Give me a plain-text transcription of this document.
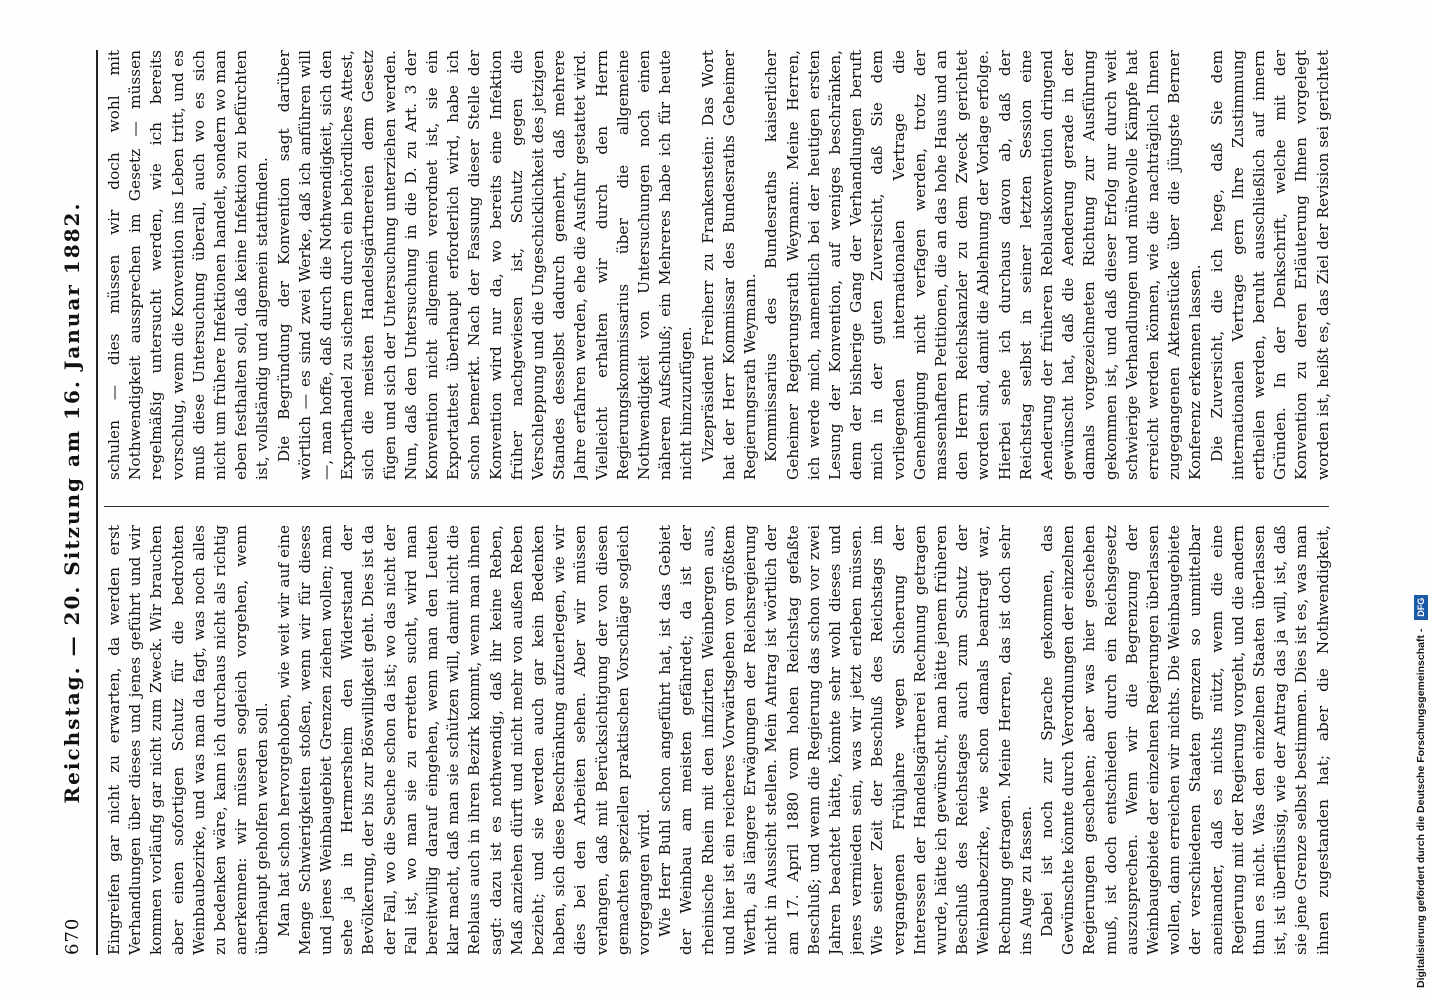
670
Reichstag. — 20. Sitzung am 16. Januar 1882. Eingreifen gar nicht zu erwarten, da werden erst Verhandlungen über dieses und jenes geführt und wir kommen vorläufig gar nicht zum Zweck. Wir brauchen aber einen sofortigen Schutz für die bedrohten Weinbaubezirke, und was man da fagt, was noch alles zu bedenken wäre, kann ich durchaus nicht als richtig anerkennen: wir müssen sogleich vorgehen, wenn überhaupt geholfen werden soll. Man hat schon hervorgehoben, wie weit wir auf eine Menge Schwierigkeiten stoßen, wenn wir für dieses und jenes Weinbaugebiet Grenzen ziehen wollen; man sehe ja in Hermersheim den Widerstand der Bevölkerung, der bis zur Böswilligkeit geht. Dies ist da der Fall, wo die Seuche schon da ist; wo das nicht der Fall ist, wo man sie zu erretten sucht, wird man bereitwillig darauf eingehen, wenn man den Leuten klar macht, daß man sie schützen will, damit nicht die Reblaus auch in ihren Bezirk kommt, wenn man ihnen sagt: dazu ist es nothwendig, daß ihr keine Reben, Maß anziehen dürft und nicht mehr von außen Reben bezieht; und sie werden auch gar kein Bedenken haben, sich diese Beschränkung aufzuerlegen, wie wir dies bei den Arbeiten sehen. Aber wir müssen verlangen, daß mit Berücksichtigung der von diesen gemachten speziellen praktischen Vorschläge sogleich vorgegangen wird. Wie Herr Buhl schon angeführt hat, ist das Gebiet der Weinbau am meisten gefährdet; da ist der rheinische Rhein mit den infizirten Weinbergen aus, und hier ist ein reicheres Vorwärtsgehen von größtem Werth, als längere Erwägungen der Reichsregierung nicht in Aussicht stellen. Mein Antrag ist wörtlich der am 17. April 1880 vom hohen Reichstag gefaßte Beschluß; und wenn die Regierung das schon vor zwei Jahren beachtet hätte, könnte sehr wohl dieses und jenes vermieden sein, was wir jetzt erleben müssen. Wie seiner Zeit der Beschluß des Reichstags im vergangenen Frühjahre wegen Sicherung der Interessen der Handelsgärtnerei Rechnung getragen wurde, hätte ich gewünscht, man hätte jenem früheren Beschluß des Reichstages auch zum Schutz der Weinbaubezirke, wie schon damals beantragt war, Rechnung getragen. Meine Herren, das ist doch sehr ins Auge zu fassen. Dabei ist noch zur Sprache gekommen, das Gewünschte könnte durch Verordnungen der einzelnen Regierungen geschehen; aber was hier geschehen muß, ist doch entschieden durch ein Reichsgesetz auszusprechen. Wenn wir die Begrenzung der Weinbaugebiete der einzelnen Regierungen überlassen wollen, dann erreichen wir nichts. Die Weinbaugebiete der verschiedenen Staaten grenzen so unmittelbar aneinander, daß es nichts nützt, wenn die eine Regierung mit der Regierung vorgeht, und die andern thun es nicht. Was den einzelnen Staaten überlassen ist, ist überflüssig, wie der Antrag das ja will, ist, daß sie jene Grenze selbst bestimmen. Dies ist es, was man ihnen zugestanden hat; aber die Nothwendigkeit,

schulen — dies müssen wir doch wohl mit Nothwendigkeit aussprechen im Gesetz — müssen regelmäßig untersucht werden, wie ich bereits vorschlug, wenn die Konvention ins Leben tritt, und es muß diese Untersuchung überall, auch wo es sich nicht um frühere Infektionen handelt, sondern wo man eben festhalten soll, daß keine Infektion zu befürchten ist, vollständig und allgemein stattfinden. Die Begründung der Konvention sagt darüber wörtlich — es sind zwei Werke, daß ich anführen will —, man hoffe, daß durch die Nothwendigkeit, sich den Exporthandel zu sichern durch ein behördliches Attest, sich die meisten Handelsgärtnereien dem Gesetz fügen und sich der Untersuchung unterziehen werden. Nun, daß den Untersuchung in die D. zu Art. 3 der Konvention nicht allgemein verordnet ist, sie ein Exportattest überhaupt erforderlich wird, habe ich schon bemerkt. Nach der Fassung dieser Stelle der Konvention wird nur da, wo bereits eine Infektion früher nachgewiesen ist, Schutz gegen die Verschleppung und die Ungeschicklichkeit des jetzigen Standes desselbst dadurch gemehrt, daß mehrere Jahre erfahren werden, ehe die Ausfuhr gestattet wird. Vielleicht erhalten wir durch den Herrn Regierungskommissarius über die allgemeine Nothwendigkeit von Untersuchungen noch einen näheren Aufschluß; ein Mehreres habe ich für heute nicht hinzuzufügen. Vizepräsident Freiherr zu Frankenstein: Das Wort hat der Herr Kommissar des Bundesraths Geheimer Regierungsrath Weymann. Kommissarius des Bundesraths kaiserlicher Geheimer Regierungsrath Weymann: Meine Herren, ich werde mich, namentlich bei der heutigen ersten Lesung der Konvention, auf weniges beschränken, denn der bisherige Gang der Verhandlungen beruft mich in der guten Zuversicht, daß Sie dem vorliegenden internationalen Vertrage die Genehmigung nicht verfagen werden, trotz der massenhaften Petitionen, die an das hohe Haus und an den Herrn Reichskanzler zu dem Zweck gerichtet worden sind, damit die Ablehnung der Vorlage erfolge. Hierbei sehe ich durchaus davon ab, daß der Reichstag selbst in seiner letzten Session eine Aenderung der früheren Reblauskonvention dringend gewünscht hat, daß die Aenderung gerade in der damals vorgezeichneten Richtung zur Ausführung gekommen ist, und daß dieser Erfolg nur durch weit schwierige Verhandlungen und mühevolle Kämpfe hat erreicht werden können, wie die nachträglich Ihnen zugegangenen Aktenstücke über die jüngste Berner Konferenz erkennen lassen. Die Zuversicht, die ich hege, daß Sie dem internationalen Vertrage gern Ihre Zustimmung ertheilen werden, beruht ausschließlich auf innern Gründen. In der Denkschrift, welche mit der Konvention zu deren Erläuterung Ihnen vorgelegt worden ist, heißt es, das Ziel der Revision sei gerichtet

Digitalisierung gefördert durch die Deutsche Forschungsgemeinschaft - DFG
